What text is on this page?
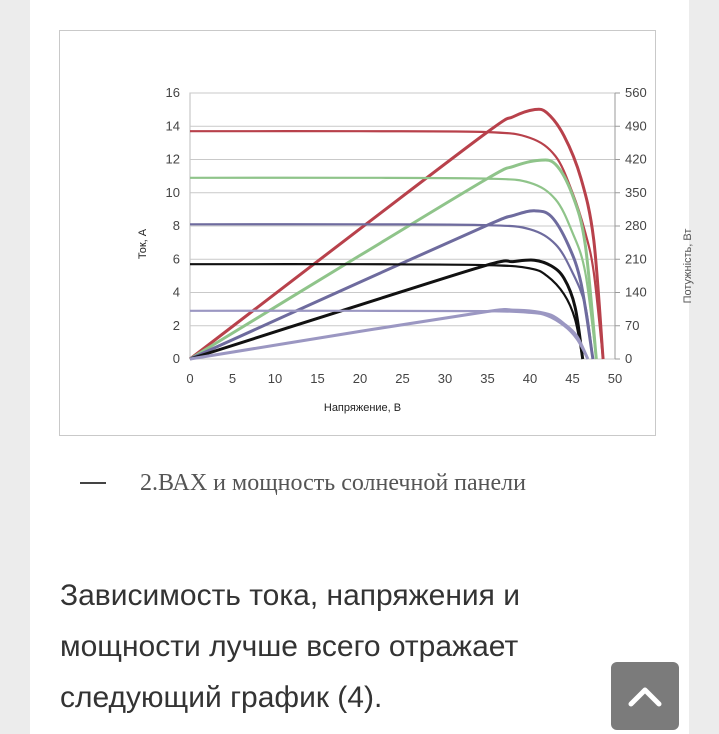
0
2
4
6
8
10
12
14
16
0	5 10 15 20 25 30 35 40 45 50
0
70
140
210
280
350
420
490
560
Напряжение, В
Ток, А	Потужність, Вт
2.ВАХ и мощность солнечной панели
Зависимость тока, напряжения и мощности лучше всего отражает следующий график (4).
